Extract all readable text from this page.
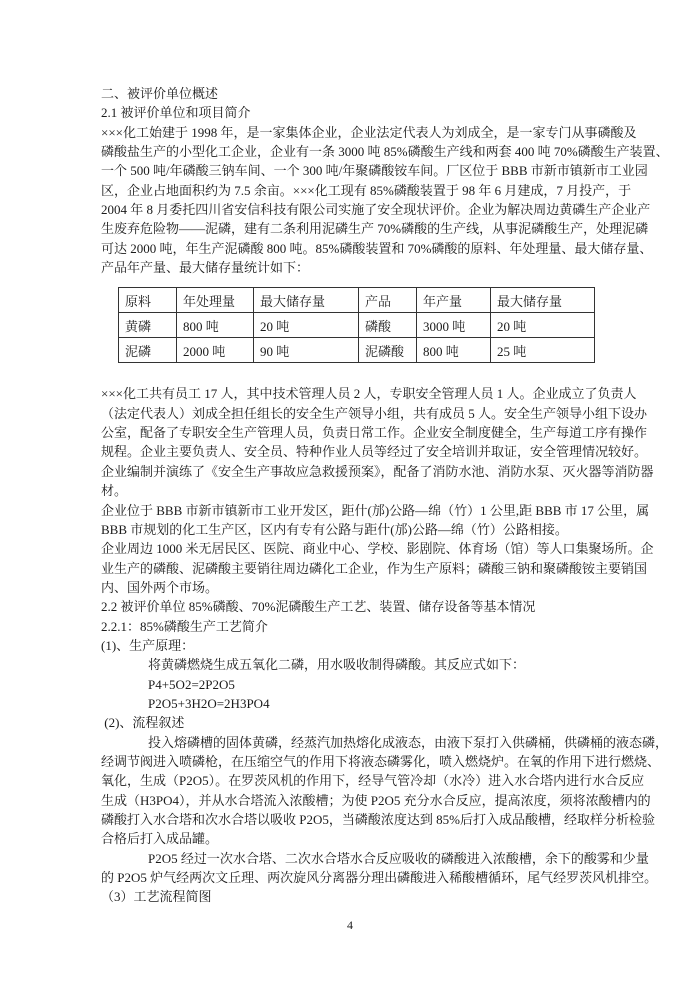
二、被评价单位概述
2.1 被评价单位和项目简介
×××化工始建于 1998 年，是一家集体企业，企业法定代表人为刘成全，是一家专门从事磷酸及
磷酸盐生产的小型化工企业，企业有一条 3000 吨 85%磷酸生产线和两套 400 吨 70%磷酸生产装置、
一个 500 吨/年磷酸三钠车间、一个 300 吨/年聚磷酸铵车间。厂区位于 BBB 市新市镇新市工业园
区，企业占地面积约为 7.5 余亩。×××化工现有 85%磷酸装置于 98 年 6 月建成，7 月投产，于
2004 年 8 月委托四川省安信科技有限公司实施了安全现状评价。企业为解决周边黄磷生产企业产
生废弃危险物——泥磷，建有二条利用泥磷生产 70%磷酸的生产线，从事泥磷酸生产，处理泥磷
可达 2000 吨，年生产泥磷酸 800 吨。85%磷酸装置和 70%磷酸的原料、年处理量、最大储存量、
产品年产量、最大储存量统计如下：
原料	年处理量	最大储存量	产品	年产量	最大储存量
黄磷	800 吨	20 吨	磷酸	3000 吨	20 吨
泥磷	2000 吨	90 吨	泥磷酸	800 吨	25 吨
×××化工共有员工 17 人，其中技术管理人员 2 人，专职安全管理人员 1 人。企业成立了负责人
（法定代表人）刘成全担任组长的安全生产领导小组，共有成员 5 人。安全生产领导小组下设办
公室，配备了专职安全生产管理人员，负责日常工作。企业安全制度健全，生产每道工序有操作
规程。企业主要负责人、安全员、特种作业人员等经过了安全培训并取证，安全管理情况较好。
企业编制并演练了《安全生产事故应急救援预案》，配备了消防水池、消防水泵、灭火器等消防器
材。
企业位于 BBB 市新市镇新市工业开发区，距什(邡)公路—绵（竹）1 公里,距 BBB 市 17 公里，属
BBB 市规划的化工生产区，区内有专有公路与距什(邡)公路—绵（竹）公路相接。
企业周边 1000 米无居民区、医院、商业中心、学校、影剧院、体育场（馆）等人口集聚场所。企
业生产的磷酸、泥磷酸主要销往周边磷化工企业，作为生产原料；磷酸三钠和聚磷酸铵主要销国
内、国外两个市场。
2.2 被评价单位 85%磷酸、70%泥磷酸生产工艺、装置、储存设备等基本情况
2.2.1：85%磷酸生产工艺简介
(1)、生产原理：
将黄磷燃烧生成五氧化二磷，用水吸收制得磷酸。其反应式如下：
P4+5O2=2P2O5
P2O5+3H2O=2H3PO4
(2)、流程叙述
投入熔磷槽的固体黄磷，经蒸汽加热熔化成液态，由液下泵打入供磷桶，供磷桶的液态磷，
经调节阀进入喷磷枪，在压缩空气的作用下将液态磷雾化，喷入燃烧炉。在氧的作用下进行燃烧、
氧化，生成（P2O5）。在罗茨风机的作用下，经导气管冷却（水冷）进入水合塔内进行水合反应
生成（H3PO4），并从水合塔流入浓酸槽；为使 P2O5 充分水合反应，提高浓度，须将浓酸槽内的
磷酸打入水合塔和次水合塔以吸收 P2O5，当磷酸浓度达到 85%后打入成品酸槽，经取样分析检验
合格后打入成品罐。
P2O5 经过一次水合塔、二次水合塔水合反应吸收的磷酸进入浓酸槽，余下的酸雾和少量
的 P2O5 炉气经两次文丘理、两次旋风分离器分理出磷酸进入稀酸槽循环，尾气经罗茨风机排空。
（3）工艺流程简图
4
